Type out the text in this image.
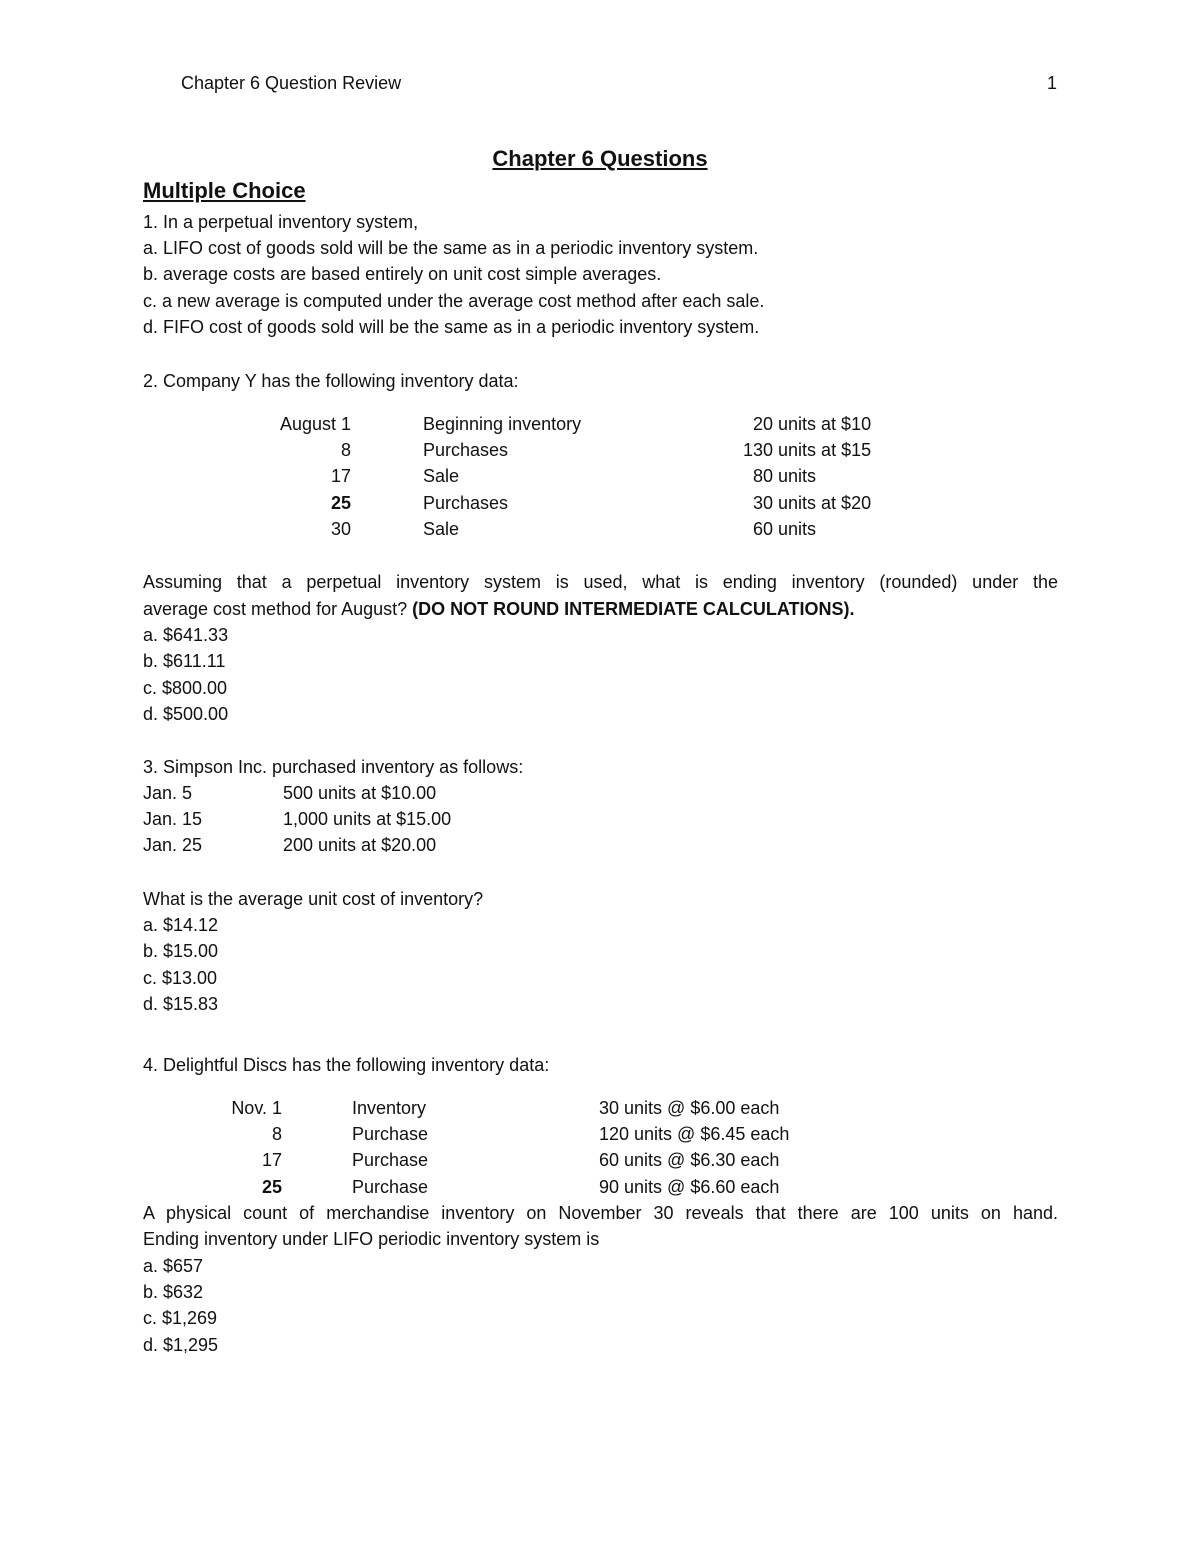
Chapter 6 Question Review	1
Chapter 6 Questions
Multiple Choice
1. In a perpetual inventory system,
a. LIFO cost of goods sold will be the same as in a periodic inventory system.
b. average costs are based entirely on unit cost simple averages.
c. a new average is computed under the average cost method after each sale.
d. FIFO cost of goods sold will be the same as in a periodic inventory system.
2. Company Y has the following inventory data:
August 1	Beginning inventory	20 units at $10
8	Purchases	130 units at $15
17	Sale	80 units
25	Purchases	30 units at $20
30	Sale	60 units
Assuming that a perpetual inventory system is used, what is ending inventory (rounded) under the
average cost method for August? (DO NOT ROUND INTERMEDIATE CALCULATIONS).
a. $641.33
b. $611.11
c. $800.00
d. $500.00
3. Simpson Inc. purchased inventory as follows:
Jan. 5	500 units at $10.00
Jan. 15	1,000 units at $15.00
Jan. 25	200 units at $20.00
What is the average unit cost of inventory?
a. $14.12
b. $15.00
c. $13.00
d. $15.83
4. Delightful Discs has the following inventory data:
Nov. 1	Inventory	30 units @ $6.00 each
8	Purchase	120 units @ $6.45 each
17	Purchase	60 units @ $6.30 each
25	Purchase	90 units @ $6.60 each
A physical count of merchandise inventory on November 30 reveals that there are 100 units on hand.
Ending inventory under LIFO periodic inventory system is
a. $657
b. $632
c. $1,269
d. $1,295
